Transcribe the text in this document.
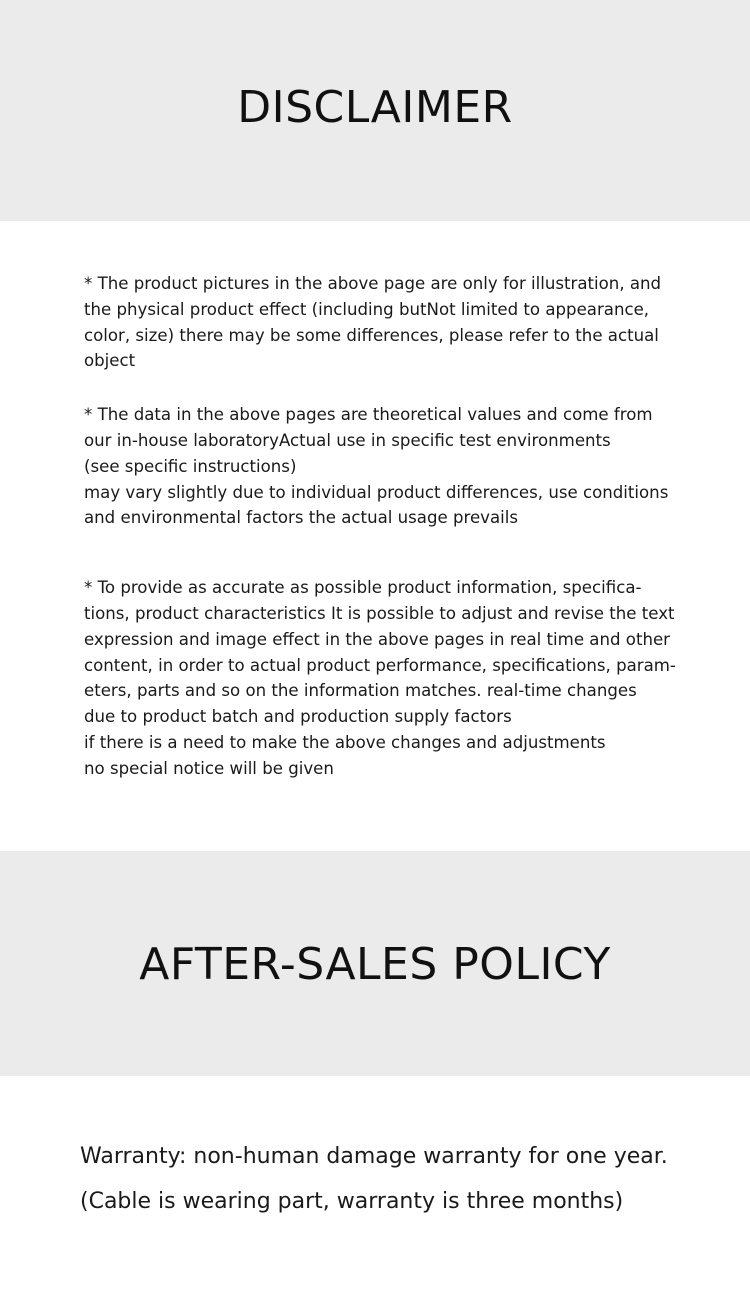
DISCLAIMER

* The product pictures in the above page are only for illustration, and
the physical product effect (including butNot limited to appearance,
color, size) there may be some differences, please refer to the actual
object

* The data in the above pages are theoretical values and come from
our in-house laboratoryActual use in specific test environments
(see specific instructions)
may vary slightly due to individual product differences, use conditions
and environmental factors the actual usage prevails

* To provide as accurate as possible product information, specifica-
tions, product characteristics It is possible to adjust and revise the text
expression and image effect in the above pages in real time and other
content, in order to actual product performance, specifications, param-
eters, parts and so on the information matches. real-time changes
due to product batch and production supply factors
if there is a need to make the above changes and adjustments
no special notice will be given

AFTER-SALES POLICY

Warranty: non-human damage warranty for one year.

(Cable is wearing part, warranty is three months)
